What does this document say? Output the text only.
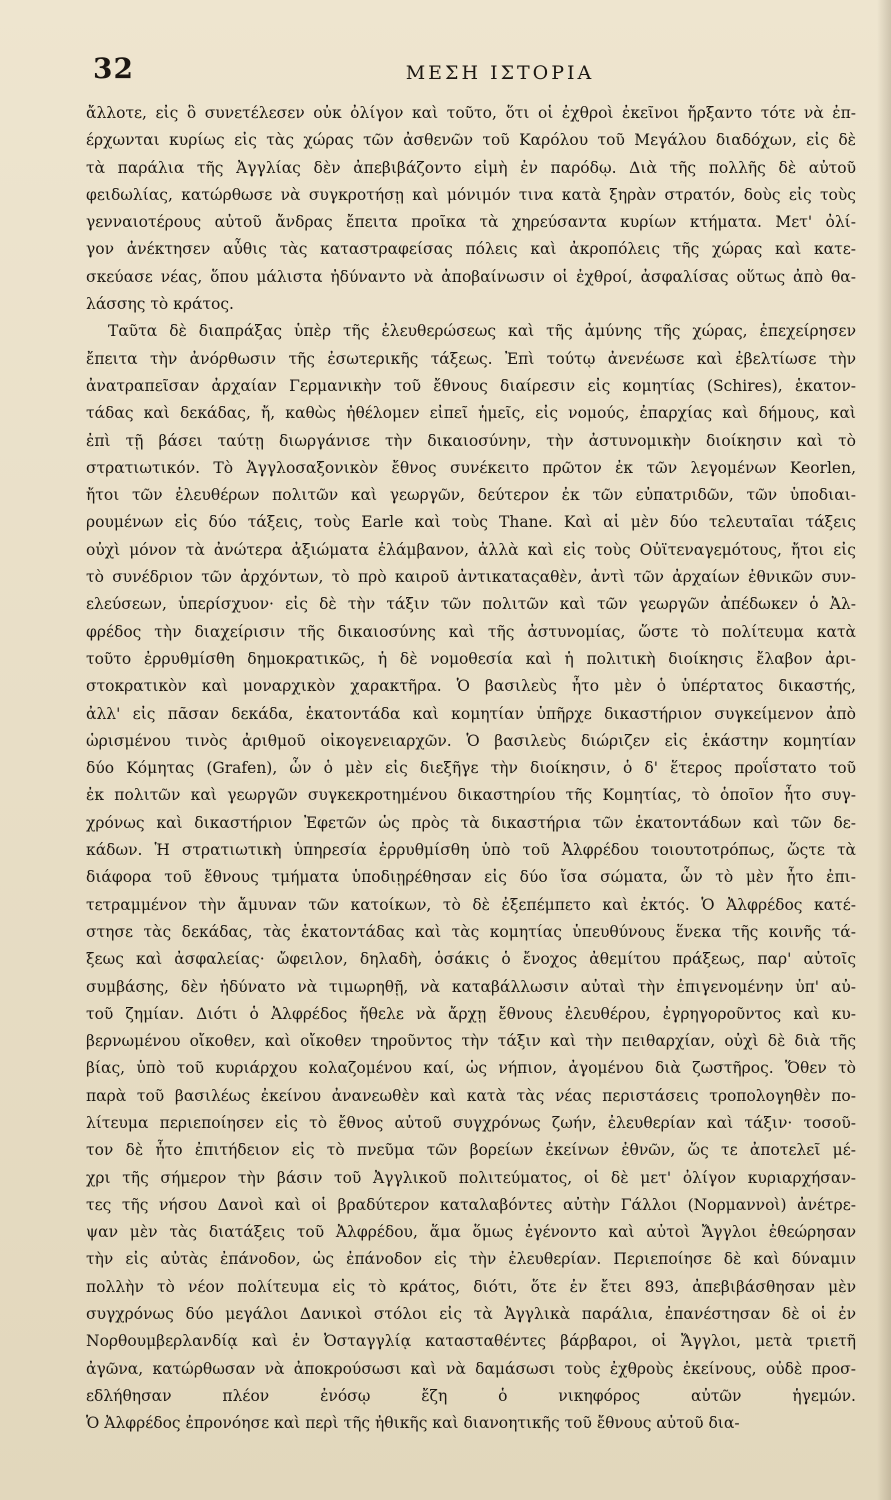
32	ΜΕΣΗ ΙΣΤΟΡΙΑ
ἄλλοτε, εἰς ὃ συνετέλεσεν οὐκ ὀλίγον καὶ τοῦτο, ὅτι οἱ ἐχθροὶ ἐκεῖνοι ἤρξαντο τότε νὰ ἐπ-
έρχωνται κυρίως εἰς τὰς χώρας τῶν ἀσθενῶν τοῦ Καρόλου τοῦ Μεγάλου διαδόχων, εἰς δὲ
τὰ παράλια τῆς Ἀγγλίας δὲν ἀπεβιβάζοντο εἰμὴ ἐν παρόδῳ. Διὰ τῆς πολλῆς δὲ αὐτοῦ
φειδωλίας, κατώρθωσε νὰ συγκροτήσῃ καὶ μόνιμόν τινα κατὰ ξηρὰν στρατόν, δοὺς εἰς τοὺς
γενναιοτέρους αὐτοῦ ἄνδρας ἔπειτα προῖκα τὰ χηρεύσαντα κυρίων κτήματα. Μετ' ὀλί-
γον ἀνέκτησεν αὖθις τὰς καταστραφείσας πόλεις καὶ ἀκροπόλεις τῆς χώρας καὶ κατε-
σκεύασε νέας, ὅπου μάλιστα ἠδύναντο νὰ ἀποβαίνωσιν οἱ ἐχθροί, ἀσφαλίσας οὕτως ἀπὸ θα-
λάσσης τὸ κράτος.
Ταῦτα δὲ διαπράξας ὑπὲρ τῆς ἐλευθερώσεως καὶ τῆς ἀμύνης τῆς χώρας, ἐπεχείρησεν
ἔπειτα τὴν ἀνόρθωσιν τῆς ἐσωτερικῆς τάξεως. Ἐπὶ τούτῳ ἀνενέωσε καὶ ἐβελτίωσε τὴν
ἀνατραπεῖσαν ἀρχαίαν Γερμανικὴν τοῦ ἔθνους διαίρεσιν εἰς κομητίας (Schires), ἑκατον-
τάδας καὶ δεκάδας, ἤ, καθὼς ἠθέλομεν εἰπεῖ ἡμεῖς, εἰς νομούς, ἐπαρχίας καὶ δήμους, καὶ
ἐπὶ τῇ βάσει ταύτῃ διωργάνισε τὴν δικαιοσύνην, τὴν ἀστυνομικὴν διοίκησιν καὶ τὸ
στρατιωτικόν. Τὸ Ἀγγλοσαξονικὸν ἔθνος συνέκειτο πρῶτον ἐκ τῶν λεγομένων Keorlen,
ἤτοι τῶν ἐλευθέρων πολιτῶν καὶ γεωργῶν, δεύτερον ἐκ τῶν εὐπατριδῶν, τῶν ὑποδιαι-
ρουμένων εἰς δύο τάξεις, τοὺς Earle καὶ τοὺς Thane. Καὶ αἱ μὲν δύο τελευταῖαι τάξεις
οὐχὶ μόνον τὰ ἀνώτερα ἀξιώματα ἐλάμβανον, ἀλλὰ καὶ εἰς τοὺς Οὐϊτεναγεμότους, ἤτοι εἰς
τὸ συνέδριον τῶν ἀρχόντων, τὸ πρὸ καιροῦ ἀντικαταςαθὲν, ἀντὶ τῶν ἀρχαίων ἐθνικῶν συν-
ελεύσεων, ὑπερίσχυον· εἰς δὲ τὴν τάξιν τῶν πολιτῶν καὶ τῶν γεωργῶν ἀπέδωκεν ὁ Ἀλ-
φρέδος τὴν διαχείρισιν τῆς δικαιοσύνης καὶ τῆς ἀστυνομίας, ὥστε τὸ πολίτευμα κατὰ
τοῦτο ἐρρυθμίσθη δημοκρατικῶς, ἡ δὲ νομοθεσία καὶ ἡ πολιτικὴ διοίκησις ἔλαβον ἀρι-
στοκρατικὸν καὶ μοναρχικὸν χαρακτῆρα. Ὁ βασιλεὺς ἦτο μὲν ὁ ὑπέρτατος δικαστής,
ἀλλ' εἰς πᾶσαν δεκάδα, ἑκατοντάδα καὶ κομητίαν ὑπῆρχε δικαστήριον συγκείμενον ἀπὸ
ὡρισμένου τινὸς ἀριθμοῦ οἰκογενειαρχῶν. Ὁ βασιλεὺς διώριζεν εἰς ἑκάστην κομητίαν
δύο Κόμητας (Grafen), ὧν ὁ μὲν εἰς διεξῆγε τὴν διοίκησιν, ὁ δ' ἕτερος προΐστατο τοῦ
ἐκ πολιτῶν καὶ γεωργῶν συγκεκροτημένου δικαστηρίου τῆς Κομητίας, τὸ ὁποῖον ἦτο συγ-
χρόνως καὶ δικαστήριον Ἐφετῶν ὡς πρὸς τὰ δικαστήρια τῶν ἑκατοντάδων καὶ τῶν δε-
κάδων. Ἡ στρατιωτικὴ ὑπηρεσία ἐρρυθμίσθη ὑπὸ τοῦ Ἀλφρέδου τοιουτοτρόπως, ὥςτε τὰ
διάφορα τοῦ ἔθνους τμήματα ὑποδιῃρέθησαν εἰς δύο ἴσα σώματα, ὧν τὸ μὲν ἦτο ἐπι-
τετραμμένον τὴν ἄμυναν τῶν κατοίκων, τὸ δὲ ἐξεπέμπετο καὶ ἐκτός. Ὁ Ἀλφρέδος κατέ-
στησε τὰς δεκάδας, τὰς ἑκατοντάδας καὶ τὰς κομητίας ὑπευθύνους ἕνεκα τῆς κοινῆς τά-
ξεως καὶ ἀσφαλείας· ὤφειλον, δηλαδὴ, ὁσάκις ὁ ἔνοχος ἀθεμίτου πράξεως, παρ' αὐτοῖς
συμβάσης, δὲν ἠδύνατο νὰ τιμωρηθῇ, νὰ καταβάλλωσιν αὐταὶ τὴν ἐπιγενομένην ὑπ' αὐ-
τοῦ ζημίαν. Διότι ὁ Ἀλφρέδος ἤθελε νὰ ἄρχῃ ἔθνους ἐλευθέρου, ἐγρηγοροῦντος καὶ κυ-
βερνωμένου οἴκοθεν, καὶ οἴκοθεν τηροῦντος τὴν τάξιν καὶ τὴν πειθαρχίαν, οὐχὶ δὲ διὰ τῆς
βίας, ὑπὸ τοῦ κυριάρχου κολαζομένου καί, ὡς νήπιον, ἀγομένου διὰ ζωστῆρος. Ὅθεν τὸ
παρὰ τοῦ βασιλέως ἐκείνου ἀνανεωθὲν καὶ κατὰ τὰς νέας περιστάσεις τροπολογηθὲν πο-
λίτευμα περιεποίησεν εἰς τὸ ἔθνος αὐτοῦ συγχρόνως ζωήν, ἐλευθερίαν καὶ τάξιν· τοσοῦ-
τον δὲ ἦτο ἐπιτήδειον εἰς τὸ πνεῦμα τῶν βορείων ἐκείνων ἐθνῶν, ὥς τε ἀποτελεῖ μέ-
χρι τῆς σήμερον τὴν βάσιν τοῦ Ἀγγλικοῦ πολιτεύματος, οἱ δὲ μετ' ὀλίγον κυριαρχήσαν-
τες τῆς νήσου Δανοὶ καὶ οἱ βραδύτερον καταλαβόντες αὐτὴν Γάλλοι (Νορμαννοὶ) ἀνέτρε-
ψαν μὲν τὰς διατάξεις τοῦ Ἀλφρέδου, ἅμα ὅμως ἐγένοντο καὶ αὐτοὶ Ἄγγλοι ἐθεώρησαν
τὴν εἰς αὐτὰς ἐπάνοδον, ὡς ἐπάνοδον εἰς τὴν ἐλευθερίαν. Περιεποίησε δὲ καὶ δύναμιν
πολλὴν τὸ νέον πολίτευμα εἰς τὸ κράτος, διότι, ὅτε ἐν ἔτει 893, ἀπεβιβάσθησαν μὲν
συγχρόνως δύο μεγάλοι Δανικοὶ στόλοι εἰς τὰ Ἀγγλικὰ παράλια, ἐπανέστησαν δὲ οἱ ἐν
Νορθουμβερλανδίᾳ καὶ ἐν Ὀσταγγλίᾳ κατασταθέντες βάρβαροι, οἱ Ἄγγλοι, μετὰ τριετῆ
ἀγῶνα, κατώρθωσαν νὰ ἀποκρούσωσι καὶ νὰ δαμάσωσι τοὺς ἐχθροὺς ἐκείνους, οὐδὲ προσ-
εδλήθησαν πλέον ἐνόσῳ ἔζη ὁ νικηφόρος αὐτῶν ἡγεμών.
Ὁ Ἀλφρέδος ἐπρονόησε καὶ περὶ τῆς ἠθικῆς καὶ διανοητικῆς τοῦ ἔθνους αὐτοῦ δια-
